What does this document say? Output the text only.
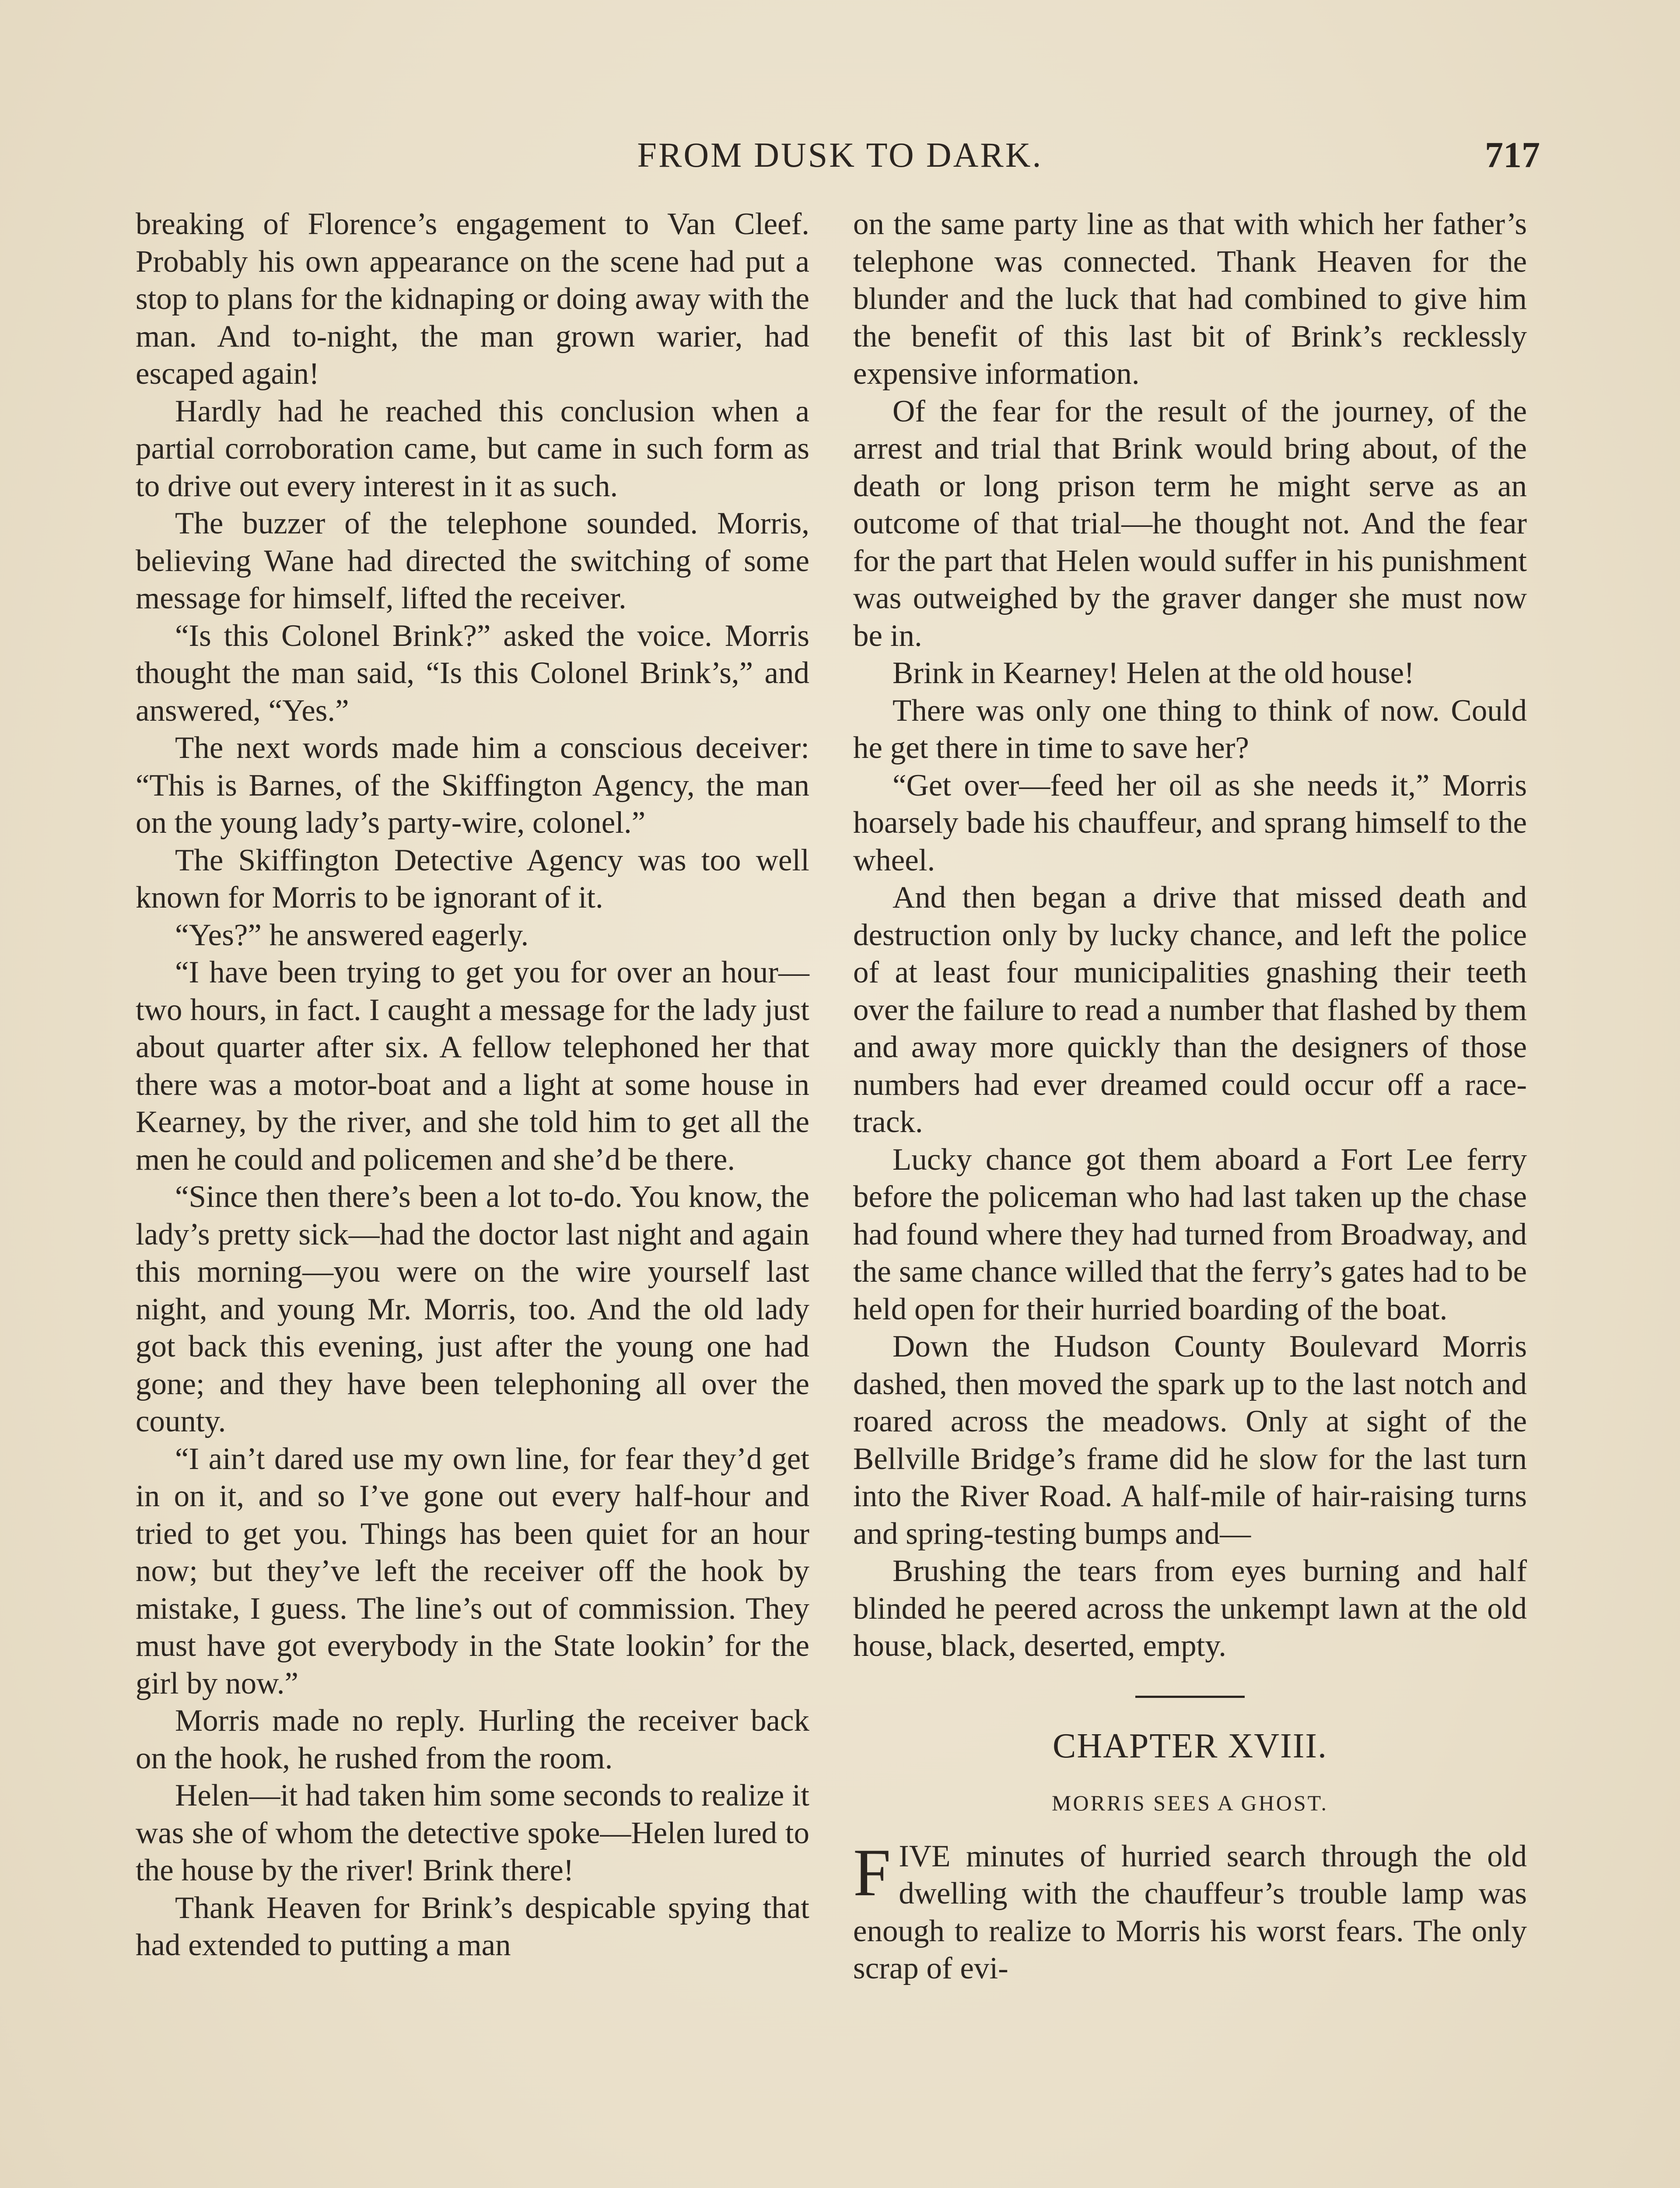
FROM DUSK TO DARK.	717

breaking of Florence’s engagement to Van Cleef. Probably his own appearance on the scene had put a stop to plans for the kidnaping or doing away with the man. And to-night, the man grown warier, had escaped again!

Hardly had he reached this conclusion when a partial corroboration came, but came in such form as to drive out every interest in it as such.

The buzzer of the telephone sounded. Morris, believing Wane had directed the switching of some message for himself, lifted the receiver.

“Is this Colonel Brink?” asked the voice. Morris thought the man said, “Is this Colonel Brink’s,” and answered, “Yes.”

The next words made him a conscious deceiver: “This is Barnes, of the Skiffington Agency, the man on the young lady’s party-wire, colonel.”

The Skiffington Detective Agency was too well known for Morris to be ignorant of it.

“Yes?” he answered eagerly.

“I have been trying to get you for over an hour—two hours, in fact. I caught a message for the lady just about quarter after six. A fellow telephoned her that there was a motor-boat and a light at some house in Kearney, by the river, and she told him to get all the men he could and policemen and she’d be there.

“Since then there’s been a lot to-do. You know, the lady’s pretty sick—had the doctor last night and again this morning—you were on the wire yourself last night, and young Mr. Morris, too. And the old lady got back this evening, just after the young one had gone; and they have been telephoning all over the county.

“I ain’t dared use my own line, for fear they’d get in on it, and so I’ve gone out every half-hour and tried to get you. Things has been quiet for an hour now; but they’ve left the receiver off the hook by mistake, I guess. The line’s out of commission. They must have got everybody in the State lookin’ for the girl by now.”

Morris made no reply. Hurling the receiver back on the hook, he rushed from the room.

Helen—it had taken him some seconds to realize it was she of whom the detective spoke—Helen lured to the house by the river! Brink there!

Thank Heaven for Brink’s despicable spying that had extended to putting a man

on the same party line as that with which her father’s telephone was connected. Thank Heaven for the blunder and the luck that had combined to give him the benefit of this last bit of Brink’s recklessly expensive information.

Of the fear for the result of the journey, of the arrest and trial that Brink would bring about, of the death or long prison term he might serve as an outcome of that trial—he thought not. And the fear for the part that Helen would suffer in his punishment was outweighed by the graver danger she must now be in.

Brink in Kearney! Helen at the old house!

There was only one thing to think of now. Could he get there in time to save her?

“Get over—feed her oil as she needs it,” Morris hoarsely bade his chauffeur, and sprang himself to the wheel.

And then began a drive that missed death and destruction only by lucky chance, and left the police of at least four municipalities gnashing their teeth over the failure to read a number that flashed by them and away more quickly than the designers of those numbers had ever dreamed could occur off a race-track.

Lucky chance got them aboard a Fort Lee ferry before the policeman who had last taken up the chase had found where they had turned from Broadway, and the same chance willed that the ferry’s gates had to be held open for their hurried boarding of the boat.

Down the Hudson County Boulevard Morris dashed, then moved the spark up to the last notch and roared across the meadows. Only at sight of the Bellville Bridge’s frame did he slow for the last turn into the River Road. A half-mile of hair-raising turns and spring-testing bumps and—

Brushing the tears from eyes burning and half blinded he peered across the unkempt lawn at the old house, black, deserted, empty.

CHAPTER XVIII.
MORRIS SEES A GHOST.

FIVE minutes of hurried search through the old dwelling with the chauffeur’s trouble lamp was enough to realize to Morris his worst fears. The only scrap of evi-
